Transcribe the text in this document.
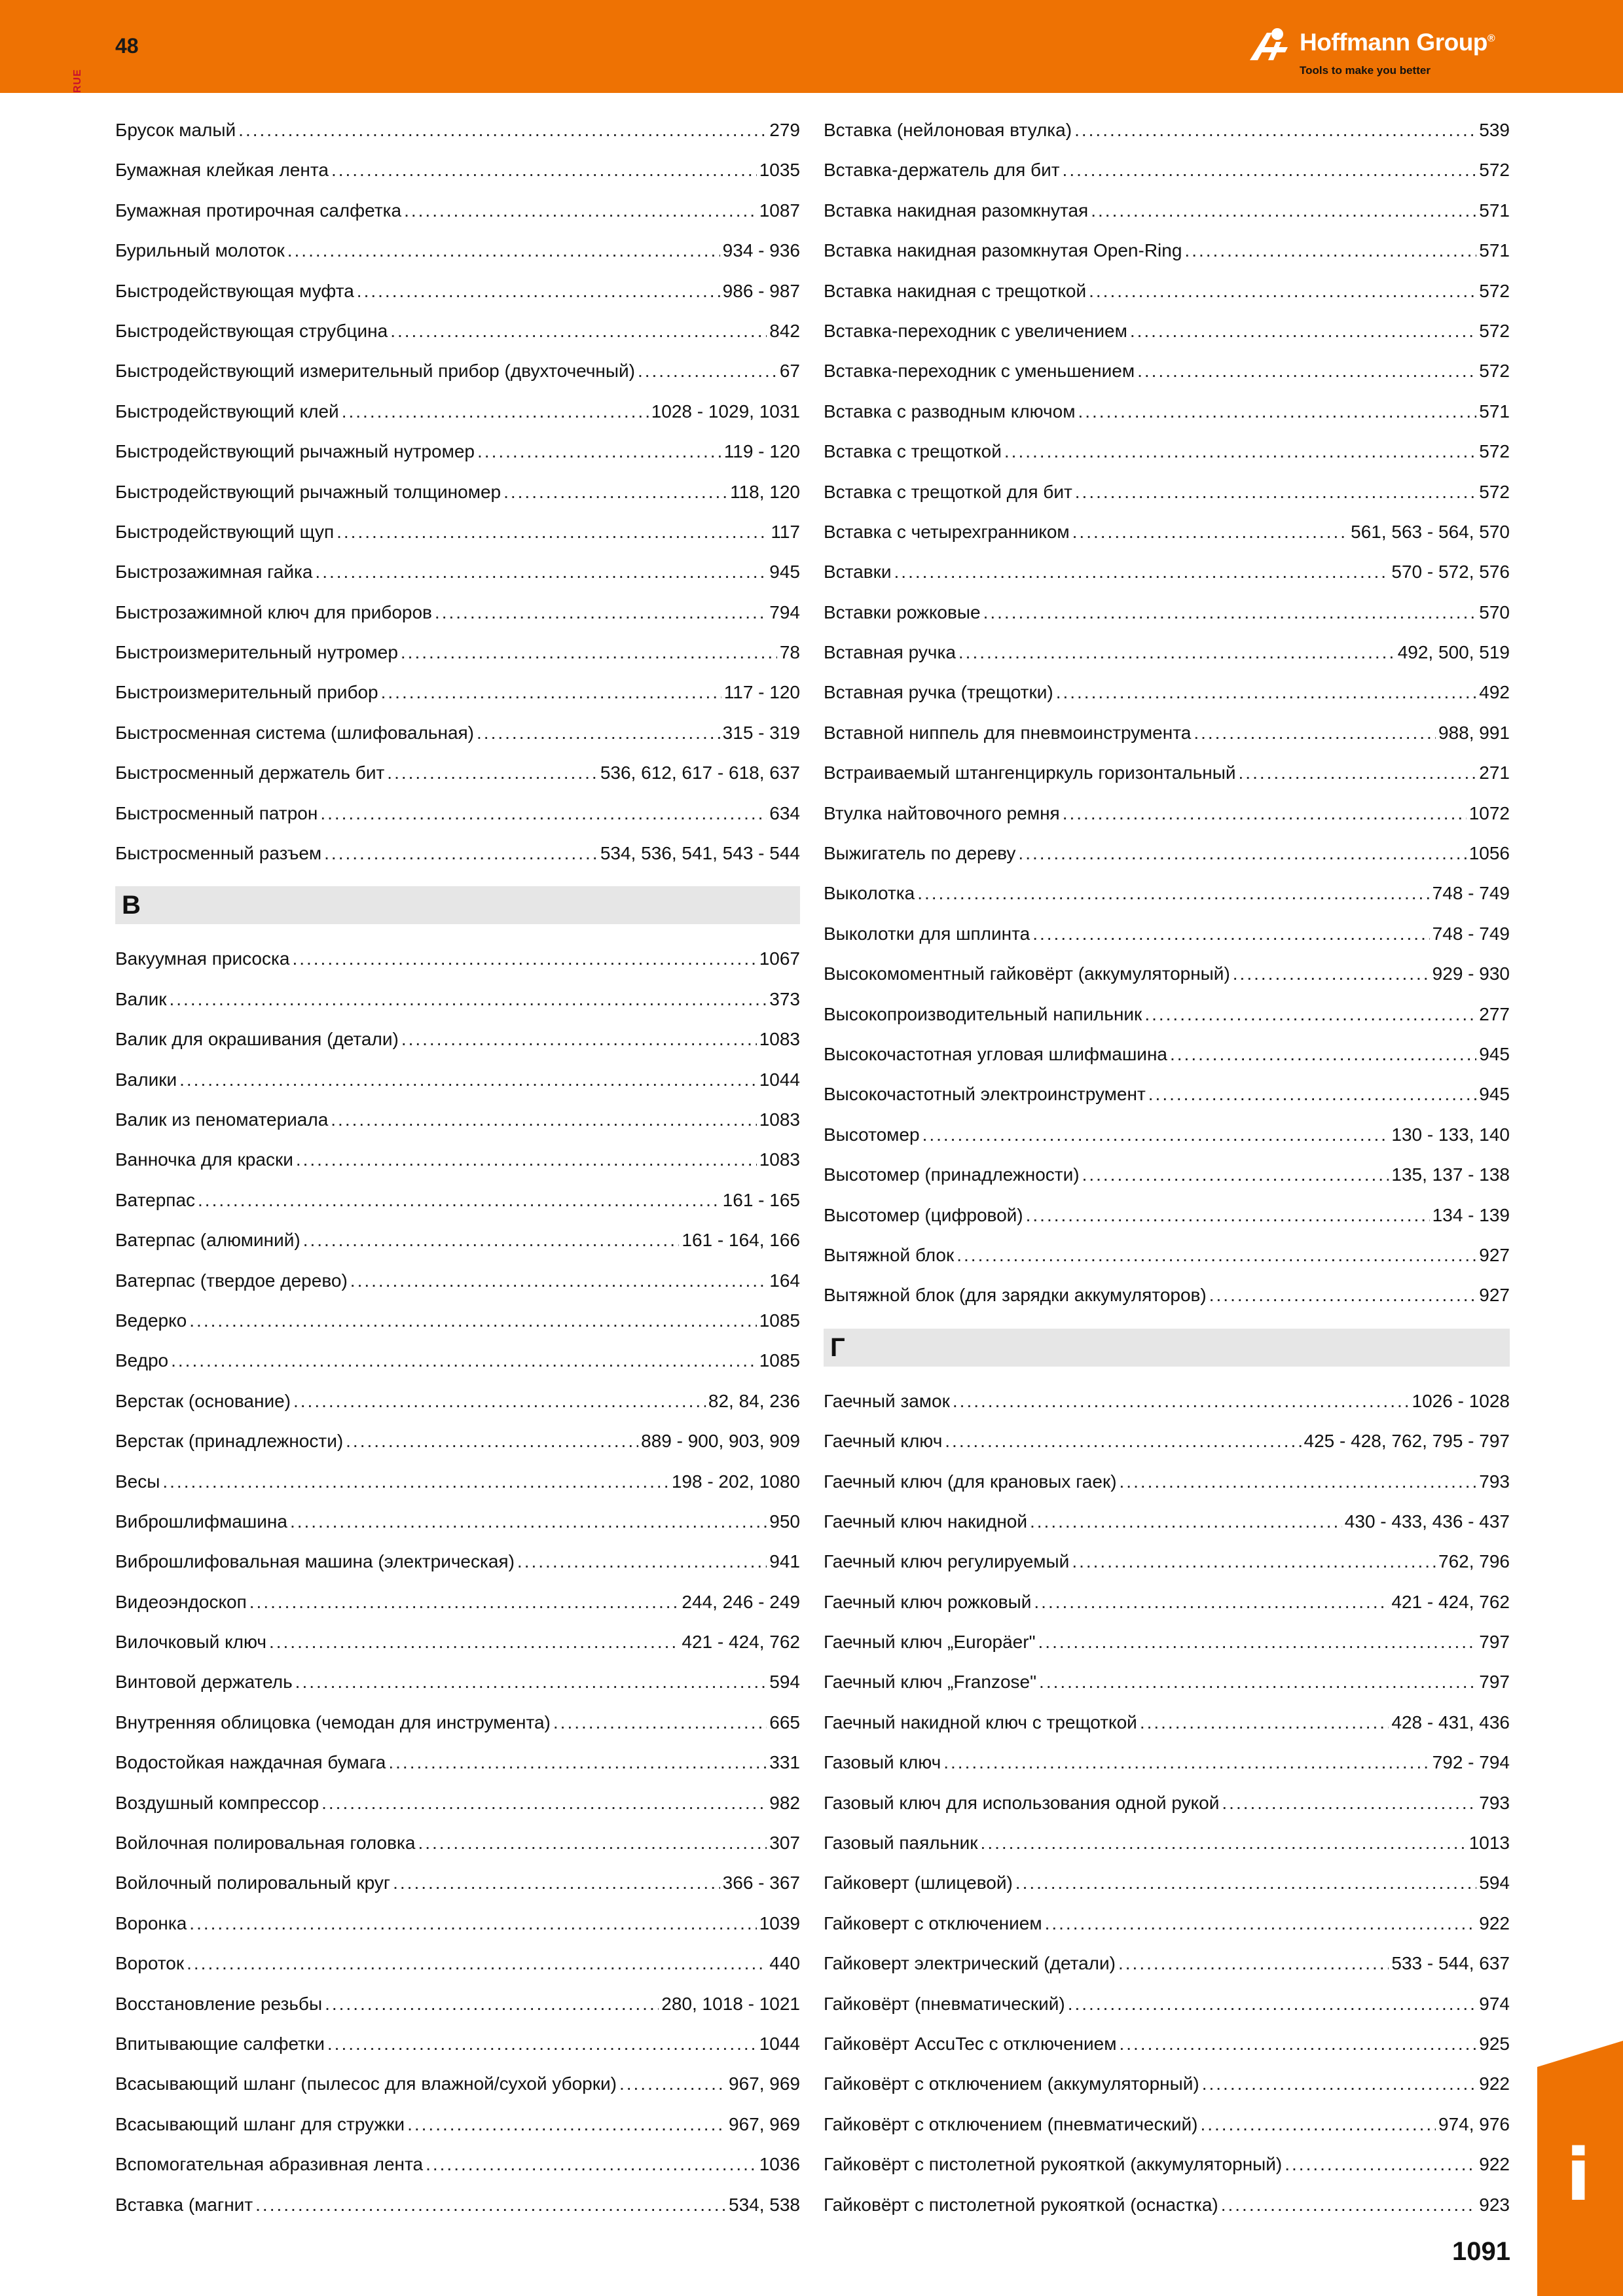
RUE
48	Hoffmann Group®
Tools to make you better
Брусок малый .....	279
Бумажная клейкая лента .....	1035
Бумажная протирочная салфетка .....	1087
Бурильный молоток .....	934 - 936
Быстродействующая муфта .....	986 - 987
Быстродействующая струбцина .....	842
Быстродействующий измерительный прибор (двухточечный) .....	67
Быстродействующий клей .....	1028 - 1029, 1031
Быстродействующий рычажный нутромер .....	119 - 120
Быстродействующий рычажный толщиномер .....	118, 120
Быстродействующий щуп .....	117
Быстрозажимная гайка .....	945
Быстрозажимной ключ для приборов .....	794
Быстроизмерительный нутромер .....	78
Быстроизмерительный прибор .....	117 - 120
Быстросменная система (шлифовальная) .....	315 - 319
Быстросменный держатель бит .....	536, 612, 617 - 618, 637
Быстросменный патрон .....	634
Быстросменный разъем .....	534, 536, 541, 543 - 544
В
Вакуумная присоска .....	1067
Валик .....	373
Валик для окрашивания (детали) .....	1083
Валики .....	1044
Валик из пеноматериала .....	1083
Ванночка для краски .....	1083
Ватерпас .....	161 - 165
Ватерпас (алюминий) .....	161 - 164, 166
Ватерпас (твердое дерево) .....	164
Ведерко .....	1085
Ведро .....	1085
Верстак (основание) .....	82, 84, 236
Верстак (принадлежности) .....	889 - 900, 903, 909
Весы .....	198 - 202, 1080
Виброшлифмашина .....	950
Виброшлифовальная машина (электрическая) .....	941
Видеоэндоскоп .....	244, 246 - 249
Вилочковый ключ .....	421 - 424, 762
Винтовой держатель .....	594
Внутренняя облицовка (чемодан для инструмента) .....	665
Водостойкая наждачная бумага .....	331
Воздушный компрессор .....	982
Войлочная полировальная головка .....	307
Войлочный полировальный круг .....	366 - 367
Воронка .....	1039
Вороток .....	440
Восстановление резьбы .....	280, 1018 - 1021
Впитывающие салфетки .....	1044
Всасывающий шланг (пылесос для влажной/сухой уборки) .....	967, 969
Всасывающий шланг для стружки .....	967, 969
Вспомогательная абразивная лента .....	1036
Вставка (магнит .....	534, 538
Вставка (нейлоновая втулка) .....	539
Вставка-держатель для бит .....	572
Вставка накидная разомкнутая .....	571
Вставка накидная разомкнутая Open-Ring .....	571
Вставка накидная с трещоткой .....	572
Вставка-переходник с увеличением .....	572
Вставка-переходник с уменьшением .....	572
Вставка с разводным ключом .....	571
Вставка с трещоткой .....	572
Вставка с трещоткой для бит .....	572
Вставка с четырехгранником .....	561, 563 - 564, 570
Вставки .....	570 - 572, 576
Вставки рожковые .....	570
Вставная ручка .....	492, 500, 519
Вставная ручка (трещотки) .....	492
Вставной ниппель для пневмоинструмента .....	988, 991
Встраиваемый штангенциркуль горизонтальный .....	271
Втулка найтовочного ремня .....	1072
Выжигатель по дереву .....	1056
Выколотка .....	748 - 749
Выколотки для шплинта .....	748 - 749
Высокомоментный гайковёрт (аккумуляторный) .....	929 - 930
Высокопроизводительный напильник .....	277
Высокочастотная угловая шлифмашина .....	945
Высокочастотный электроинструмент .....	945
Высотомер .....	130 - 133, 140
Высотомер (принадлежности) .....	135, 137 - 138
Высотомер (цифровой) .....	134 - 139
Вытяжной блок .....	927
Вытяжной блок (для зарядки аккумуляторов) .....	927
Г
Гаечный замок .....	1026 - 1028
Гаечный ключ .....	425 - 428, 762, 795 - 797
Гаечный ключ (для крановых гаек) .....	793
Гаечный ключ накидной .....	430 - 433, 436 - 437
Гаечный ключ регулируемый .....	762, 796
Гаечный ключ рожковый .....	421 - 424, 762
Гаечный ключ „Europäer" .....	797
Гаечный ключ „Franzose" .....	797
Гаечный накидной ключ с трещоткой .....	428 - 431, 436
Газовый ключ .....	792 - 794
Газовый ключ для использования одной рукой .....	793
Газовый паяльник .....	1013
Гайковерт (шлицевой) .....	594
Гайковерт с отключением .....	922
Гайковерт электрический (детали) .....	533 - 544, 637
Гайковёрт (пневматический) .....	974
Гайковёрт AccuTec с отключением .....	925
Гайковёрт с отключением (аккумуляторный) .....	922
Гайковёрт с отключением (пневматический) .....	974, 976
Гайковёрт с пистолетной рукояткой (аккумуляторный) .....	922
Гайковёрт с пистолетной рукояткой (оснастка) .....	923 i
1091
